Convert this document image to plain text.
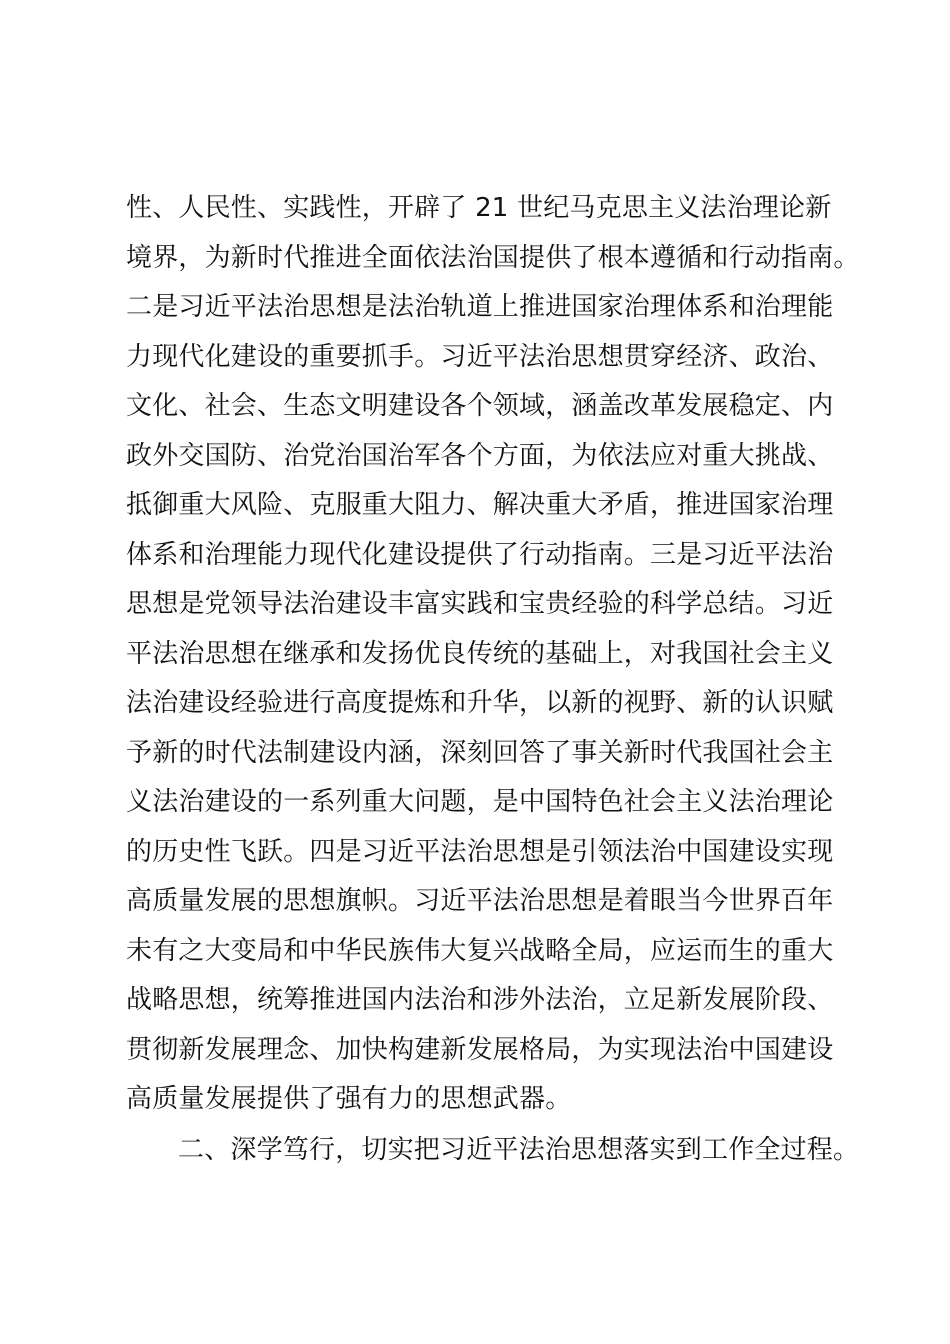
性、人民性、实践性，开辟了 21 世纪马克思主义法治理论新
境界，为新时代推进全面依法治国提供了根本遵循和行动指南。
二是习近平法治思想是法治轨道上推进国家治理体系和治理能
力现代化建设的重要抓手。习近平法治思想贯穿经济、政治、
文化、社会、生态文明建设各个领域，涵盖改革发展稳定、内
政外交国防、治党治国治军各个方面，为依法应对重大挑战、
抵御重大风险、克服重大阻力、解决重大矛盾，推进国家治理
体系和治理能力现代化建设提供了行动指南。三是习近平法治
思想是党领导法治建设丰富实践和宝贵经验的科学总结。习近
平法治思想在继承和发扬优良传统的基础上，对我国社会主义
法治建设经验进行高度提炼和升华，以新的视野、新的认识赋
予新的时代法制建设内涵，深刻回答了事关新时代我国社会主
义法治建设的一系列重大问题，是中国特色社会主义法治理论
的历史性飞跃。四是习近平法治思想是引领法治中国建设实现
高质量发展的思想旗帜。习近平法治思想是着眼当今世界百年
未有之大变局和中华民族伟大复兴战略全局，应运而生的重大
战略思想，统筹推进国内法治和涉外法治，立足新发展阶段、
贯彻新发展理念、加快构建新发展格局，为实现法治中国建设
高质量发展提供了强有力的思想武器。
二、深学笃行，切实把习近平法治思想落实到工作全过程。
